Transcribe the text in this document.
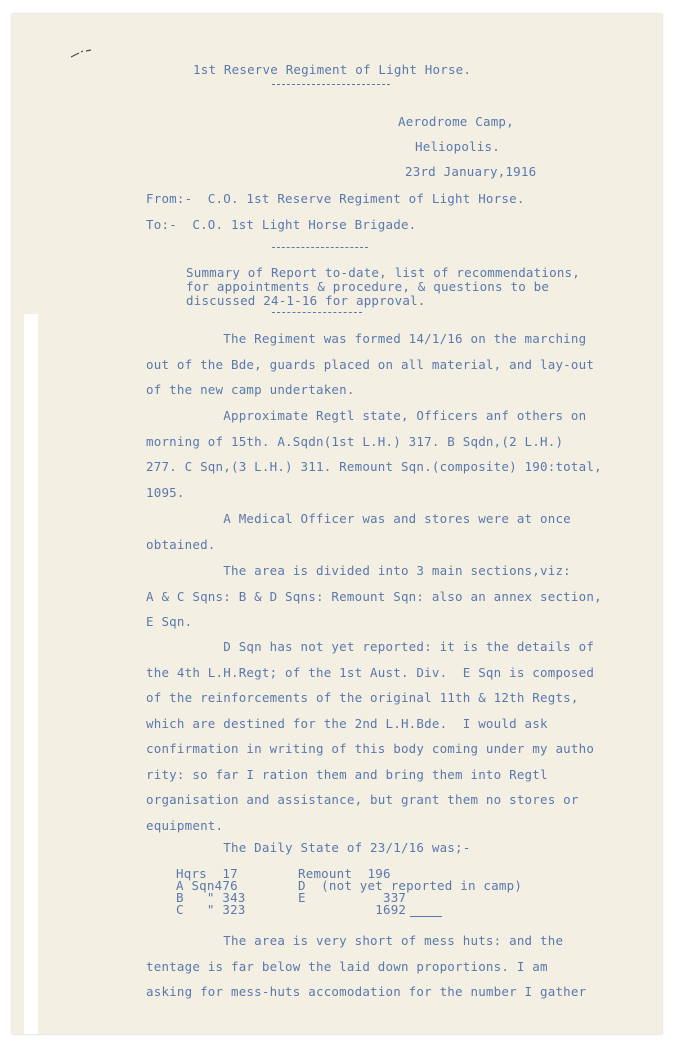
1st Reserve Regiment of Light Horse.
Aerodrome Camp,
Heliopolis.
23rd January,1916
From:-  C.O. 1st Reserve Regiment of Light Horse.
To:-  C.O. 1st Light Horse Brigade.
Summary of Report to-date, list of recommendations,
for appointments & procedure, & questions to be
discussed 24-1-16 for approval.
The Regiment was formed 14/1/16 on the marching
out of the Bde, guards placed on all material, and lay-out
of the new camp undertaken.
Approximate Regtl state, Officers anf others on
morning of 15th. A.Sqdn(1st L.H.) 317. B Sqdn,(2 L.H.)
277. C Sqn,(3 L.H.) 311. Remount Sqn.(composite) 190:total,
1095.
A Medical Officer was and stores were at once
obtained.
The area is divided into 3 main sections,viz:
A & C Sqns: B & D Sqns: Remount Sqn: also an annex section,
E Sqn.
D Sqn has not yet reported: it is the details of
the 4th L.H.Regt; of the 1st Aust. Div.  E Sqn is composed
of the reinforcements of the original 11th & 12th Regts,
which are destined for the 2nd L.H.Bde.  I would ask
confirmation in writing of this body coming under my autho
rity: so far I ration them and bring them into Regtl
organisation and assistance, but grant them no stores or
equipment.
The Daily State of 23/1/16 was;-
Hqrs  17
A Sqn476
B   " 343
C   " 323
Remount  196
D  (not yet reported in camp)
E          337
1692
The area is very short of mess huts: and the
tentage is far below the laid down proportions. I am
asking for mess-huts accomodation for the number I gather
